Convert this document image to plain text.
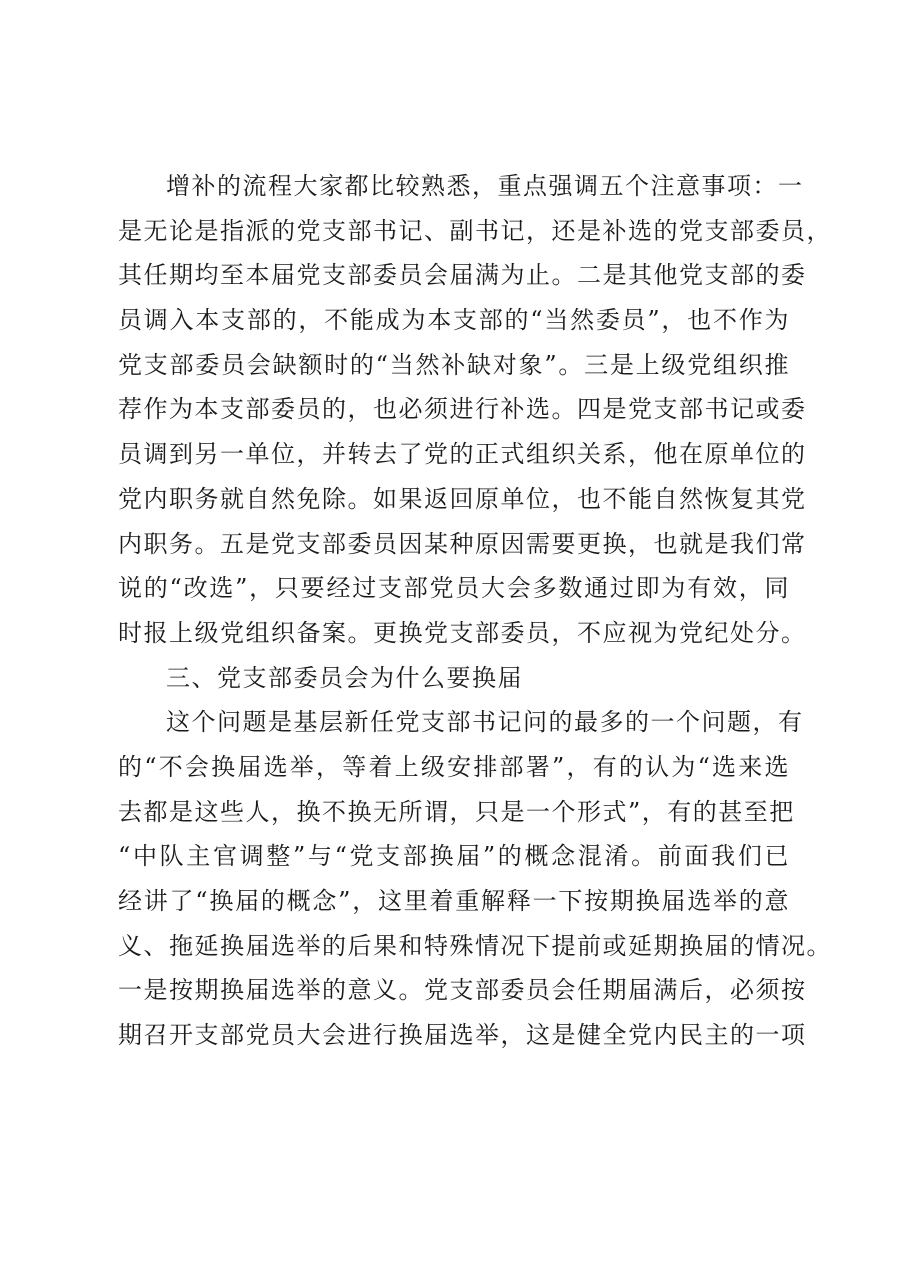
增补的流程大家都比较熟悉，重点强调五个注意事项：一
是无论是指派的党支部书记、副书记，还是补选的党支部委员，
其任期均至本届党支部委员会届满为止。二是其他党支部的委
员调入本支部的，不能成为本支部的“当然委员”，也不作为
党支部委员会缺额时的“当然补缺对象”。三是上级党组织推
荐作为本支部委员的，也必须进行补选。四是党支部书记或委
员调到另一单位，并转去了党的正式组织关系，他在原单位的
党内职务就自然免除。如果返回原单位，也不能自然恢复其党
内职务。五是党支部委员因某种原因需要更换，也就是我们常
说的“改选”，只要经过支部党员大会多数通过即为有效，同
时报上级党组织备案。更换党支部委员，不应视为党纪处分。
三、党支部委员会为什么要换届
这个问题是基层新任党支部书记问的最多的一个问题，有
的“不会换届选举，等着上级安排部署”，有的认为“选来选
去都是这些人，换不换无所谓，只是一个形式”，有的甚至把
“中队主官调整”与“党支部换届”的概念混淆。前面我们已
经讲了“换届的概念”，这里着重解释一下按期换届选举的意
义、拖延换届选举的后果和特殊情况下提前或延期换届的情况。
一是按期换届选举的意义。党支部委员会任期届满后，必须按
期召开支部党员大会进行换届选举，这是健全党内民主的一项
